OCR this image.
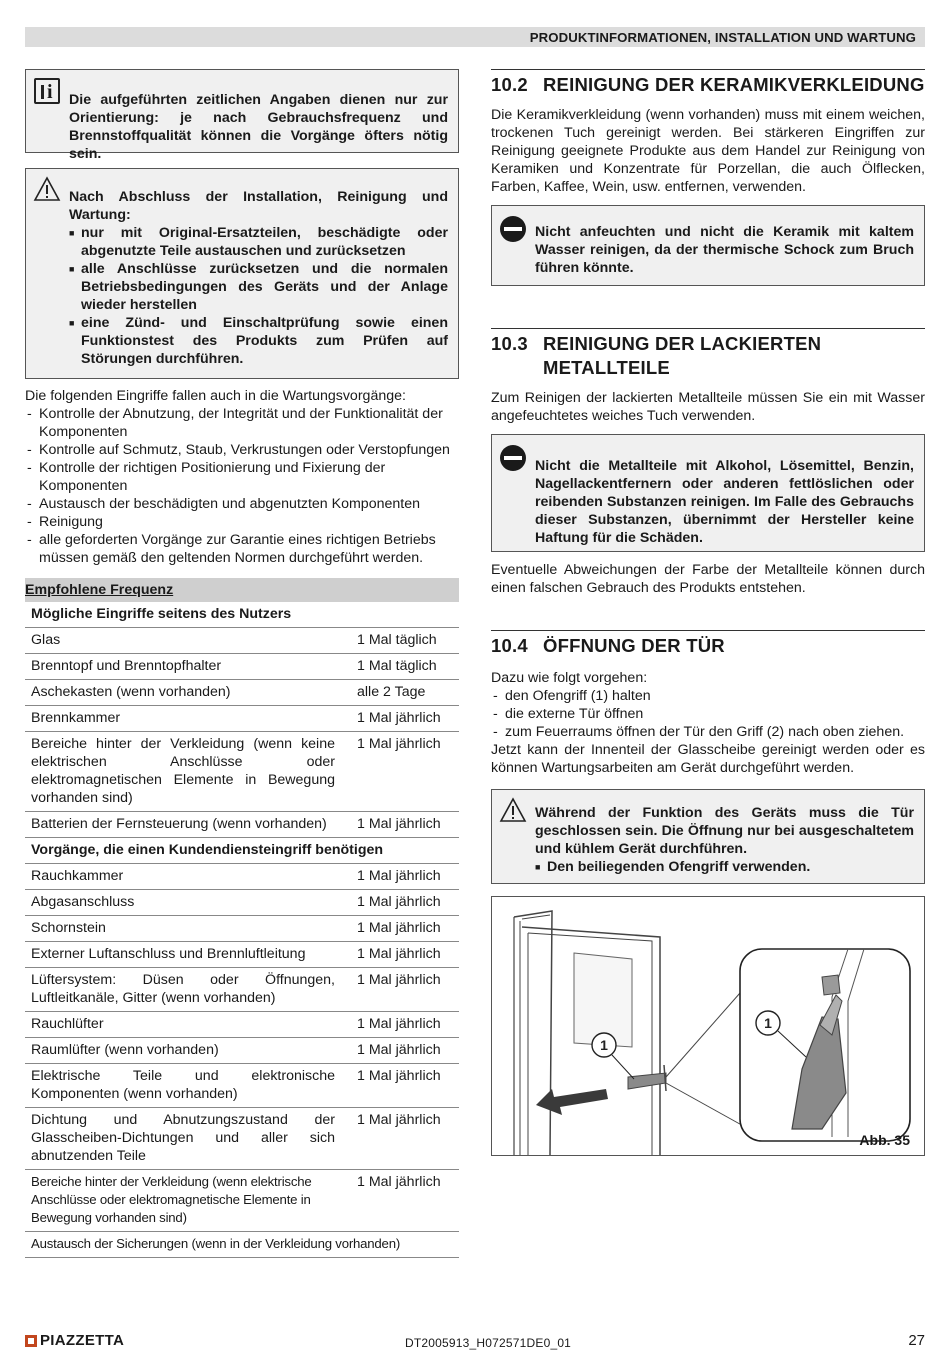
PRODUKTINFORMATIONEN, INSTALLATION UND WARTUNG
i	Die aufgeführten zeitlichen Angaben dienen nur zur Orientierung: je nach Gebrauchsfrequenz und Brennstoffqualität können die Vorgänge öfters nötig sein.
Nach Abschluss der Installation, Reinigung und Wartung:
■ nur mit Original-Ersatzteilen, beschädigte oder abgenutzte Teile austauschen und zurücksetzen
■ alle Anschlüsse zurücksetzen und die normalen Betriebsbedingungen des Geräts und der Anlage wieder herstellen
■ eine Zünd- und Einschaltprüfung sowie einen Funktionstest des Produkts zum Prüfen auf Störungen durchführen.
Die folgenden Eingriffe fallen auch in die Wartungsvorgänge:
- Kontrolle der Abnutzung, der Integrität und der Funktionalität der Komponenten
- Kontrolle auf Schmutz, Staub, Verkrustungen oder Verstopfungen
- Kontrolle der richtigen Positionierung und Fixierung der Komponenten
- Austausch der beschädigten und abgenutzten Komponenten
- Reinigung
- alle geforderten Vorgänge zur Garantie eines richtigen Betriebs müssen gemäß den geltenden Normen durchgeführt werden.
Empfohlene Frequenz
Mögliche Eingriffe seitens des Nutzers	
Glas	1 Mal täglich
Brenntopf und Brenntopfhalter	1 Mal täglich
Aschekasten (wenn vorhanden)	alle 2 Tage
Brennkammer	1 Mal jährlich
Bereiche hinter der Verkleidung (wenn keine elektrischen Anschlüsse oder elektromagnetischen Elemente in Bewegung vorhanden sind)	1 Mal jährlich
Batterien der Fernsteuerung (wenn vorhanden)	1 Mal jährlich
Vorgänge, die einen Kundendiensteingriff benötigen	
Rauchkammer	1 Mal jährlich
Abgasanschluss	1 Mal jährlich
Schornstein	1 Mal jährlich
Externer Luftanschluss und Brennluftleitung	1 Mal jährlich
Lüftersystem: Düsen oder Öffnungen, Luftleitkanäle, Gitter (wenn vorhanden)	1 Mal jährlich
Rauchlüfter	1 Mal jährlich
Raumlüfter (wenn vorhanden)	1 Mal jährlich
Elektrische Teile und elektronische Komponenten (wenn vorhanden)	1 Mal jährlich
Dichtung und Abnutzungszustand der Glasscheiben-Dichtungen und aller sich abnutzenden Teile	1 Mal jährlich
Bereiche hinter der Verkleidung (wenn elektrische Anschlüsse oder elektromagnetische Elemente in Bewegung vorhanden sind)	1 Mal jährlich
Austausch der Sicherungen (wenn in der Verkleidung vorhanden)	
10.2 REINIGUNG DER KERAMIKVERKLEIDUNG
Die Keramikverkleidung (wenn vorhanden) muss mit einem weichen, trockenen Tuch gereinigt werden. Bei stärkeren Eingriffen zur Reinigung geeignete Produkte aus dem Handel zur Reinigung von Keramiken und Konzentrate für Porzellan, die auch Ölflecken, Farben, Kaffee, Wein, usw. entfernen, verwenden.
Nicht anfeuchten und nicht die Keramik mit kaltem Wasser reinigen, da der thermische Schock zum Bruch führen könnte.
10.3 REINIGUNG DER LACKIERTEN
METALLTEILE
Zum Reinigen der lackierten Metallteile müssen Sie ein mit Wasser angefeuchtetes weiches Tuch verwenden.
Nicht die Metallteile mit Alkohol, Lösemittel, Benzin, Nagellackentfernern oder anderen fettlöslichen oder reibenden Substanzen reinigen. Im Falle des Gebrauchs dieser Substanzen, übernimmt der Hersteller keine Haftung für die Schäden.
Eventuelle Abweichungen der Farbe der Metallteile können durch einen falschen Gebrauch des Produkts entstehen.
10.4 ÖFFNUNG DER TÜR
Dazu wie folgt vorgehen:
- den Ofengriff (1) halten
- die externe Tür öffnen
- zum Feuerraums öffnen der Tür den Griff (2) nach oben ziehen.
Jetzt kann der Innenteil der Glasscheibe gereinigt werden oder es können Wartungsarbeiten am Gerät durchgeführt werden.
Während der Funktion des Geräts muss die Tür geschlossen sein. Die Öffnung nur bei ausgeschaltetem und kühlem Gerät durchführen.
■ Den beiliegenden Ofengriff verwenden.
1
1
Abb. 35
PIAZZETTA	DT2005913_H072571DE0_01	27
